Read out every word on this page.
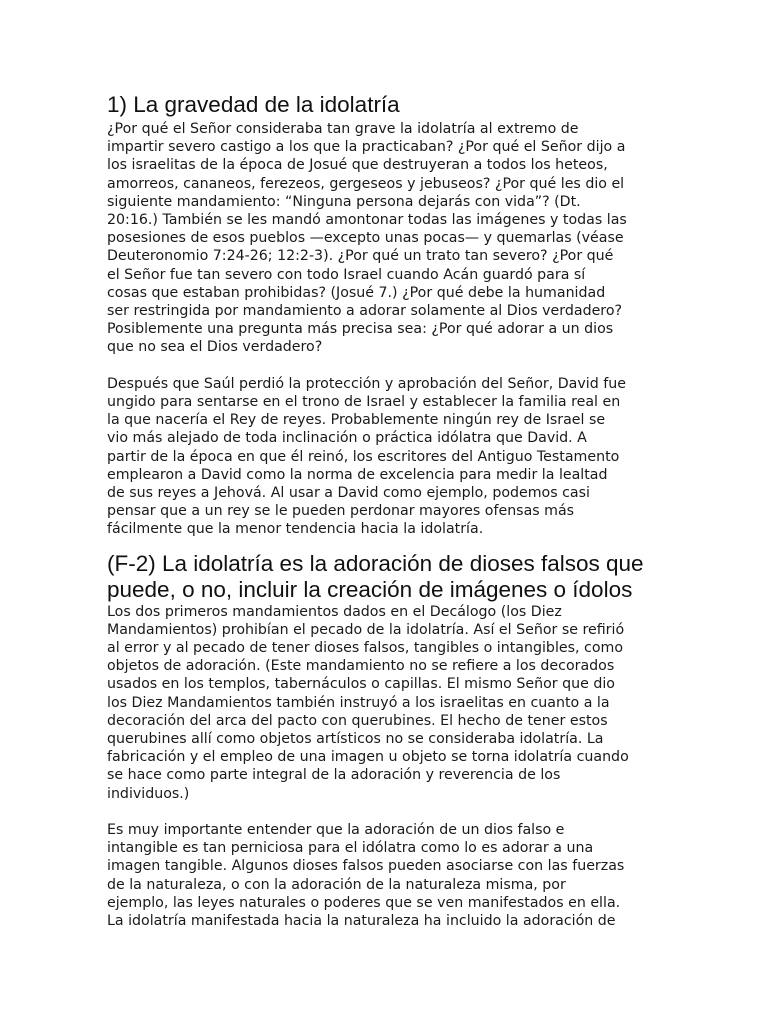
1) La gravedad de la idolatría

¿Por qué el Señor consideraba tan grave la idolatría al extremo de
impartir severo castigo a los que la practicaban? ¿Por qué el Señor dijo a
los israelitas de la época de Josué que destruyeran a todos los heteos,
amorreos, cananeos, ferezeos, gergeseos y jebuseos? ¿Por qué les dio el
siguiente mandamiento: “Ninguna persona dejarás con vida”? (Dt.
20:16.) También se les mandó amontonar todas las imágenes y todas las
posesiones de esos pueblos —excepto unas pocas— y quemarlas (véase
Deuteronomio 7:24-26; 12:2-3). ¿Por qué un trato tan severo? ¿Por qué
el Señor fue tan severo con todo Israel cuando Acán guardó para sí
cosas que estaban prohibidas? (Josué 7.) ¿Por qué debe la humanidad
ser restringida por mandamiento a adorar solamente al Dios verdadero?
Posiblemente una pregunta más precisa sea: ¿Por qué adorar a un dios
que no sea el Dios verdadero?

Después que Saúl perdió la protección y aprobación del Señor, David fue
ungido para sentarse en el trono de Israel y establecer la familia real en
la que nacería el Rey de reyes. Probablemente ningún rey de Israel se
vio más alejado de toda inclinación o práctica idólatra que David. A
partir de la época en que él reinó, los escritores del Antiguo Testamento
emplearon a David como la norma de excelencia para medir la lealtad
de sus reyes a Jehová. Al usar a David como ejemplo, podemos casi
pensar que a un rey se le pueden perdonar mayores ofensas más
fácilmente que la menor tendencia hacia la idolatría.

(F-2) La idolatría es la adoración de dioses falsos que
puede, o no, incluir la creación de imágenes o ídolos

Los dos primeros mandamientos dados en el Decálogo (los Diez
Mandamientos) prohibían el pecado de la idolatría. Así el Señor se refirió
al error y al pecado de tener dioses falsos, tangibles o intangibles, como
objetos de adoración. (Este mandamiento no se refiere a los decorados
usados en los templos, tabernáculos o capillas. El mismo Señor que dio
los Diez Mandamientos también instruyó a los israelitas en cuanto a la
decoración del arca del pacto con querubines. El hecho de tener estos
querubines allí como objetos artísticos no se consideraba idolatría. La
fabricación y el empleo de una imagen u objeto se torna idolatría cuando
se hace como parte integral de la adoración y reverencia de los
individuos.)

Es muy importante entender que la adoración de un dios falso e
intangible es tan perniciosa para el idólatra como lo es adorar a una
imagen tangible. Algunos dioses falsos pueden asociarse con las fuerzas
de la naturaleza, o con la adoración de la naturaleza misma, por
ejemplo, las leyes naturales o poderes que se ven manifestados en ella.
La idolatría manifestada hacia la naturaleza ha incluido la adoración de
